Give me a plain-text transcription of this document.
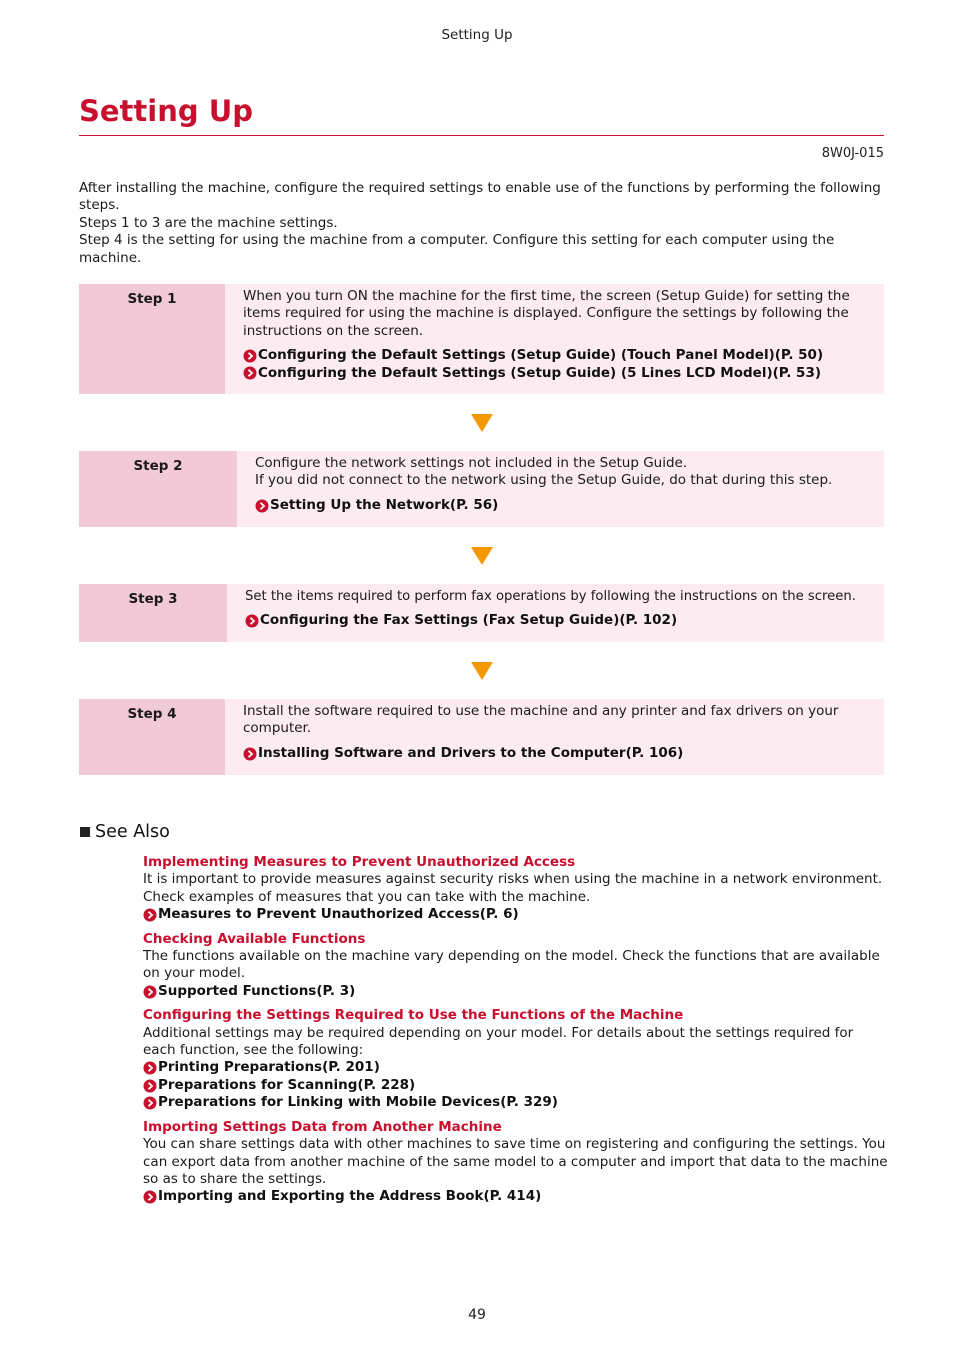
Setting Up
Setting Up
8W0J-015

After installing the machine, configure the required settings to enable use of the functions by performing the following steps.

Steps 1 to 3 are the machine settings.

Step 4 is the setting for using the machine from a computer. Configure this setting for each computer using the machine.

Step 1	When you turn ON the machine for the first time, the screen (Setup Guide) for setting the items required for using the machine is displayed. Configure the settings by following the instructions on the screen.

Configuring the Default Settings (Setup Guide) (Touch Panel Model)(P. 50)
Configuring the Default Settings (Setup Guide) (5 Lines LCD Model)(P. 53)
Step 2	Configure the network settings not included in the Setup Guide.
If you did not connect to the network using the Setup Guide, do that during this step.

Setting Up the Network(P. 56)
Step 3	Set the items required to perform fax operations by following the instructions on the screen.

Configuring the Fax Settings (Fax Setup Guide)(P. 102)
Step 4	Install the software required to use the machine and any printer and fax drivers on your computer.

Installing Software and Drivers to the Computer(P. 106)
See Also
Implementing Measures to Prevent Unauthorized Access

It is important to provide measures against security risks when using the machine in a network environment. Check examples of measures that you can take with the machine.

Measures to Prevent Unauthorized Access(P. 6)
Checking Available Functions

The functions available on the machine vary depending on the model. Check the functions that are available on your model.

Supported Functions(P. 3)
Configuring the Settings Required to Use the Functions of the Machine

Additional settings may be required depending on your model. For details about the settings required for each function, see the following:

Printing Preparations(P. 201)
Preparations for Scanning(P. 228)
Preparations for Linking with Mobile Devices(P. 329)
Importing Settings Data from Another Machine

You can share settings data with other machines to save time on registering and configuring the settings. You can export data from another machine of the same model to a computer and import that data to the machine so as to share the settings.

Importing and Exporting the Address Book(P. 414)
49
